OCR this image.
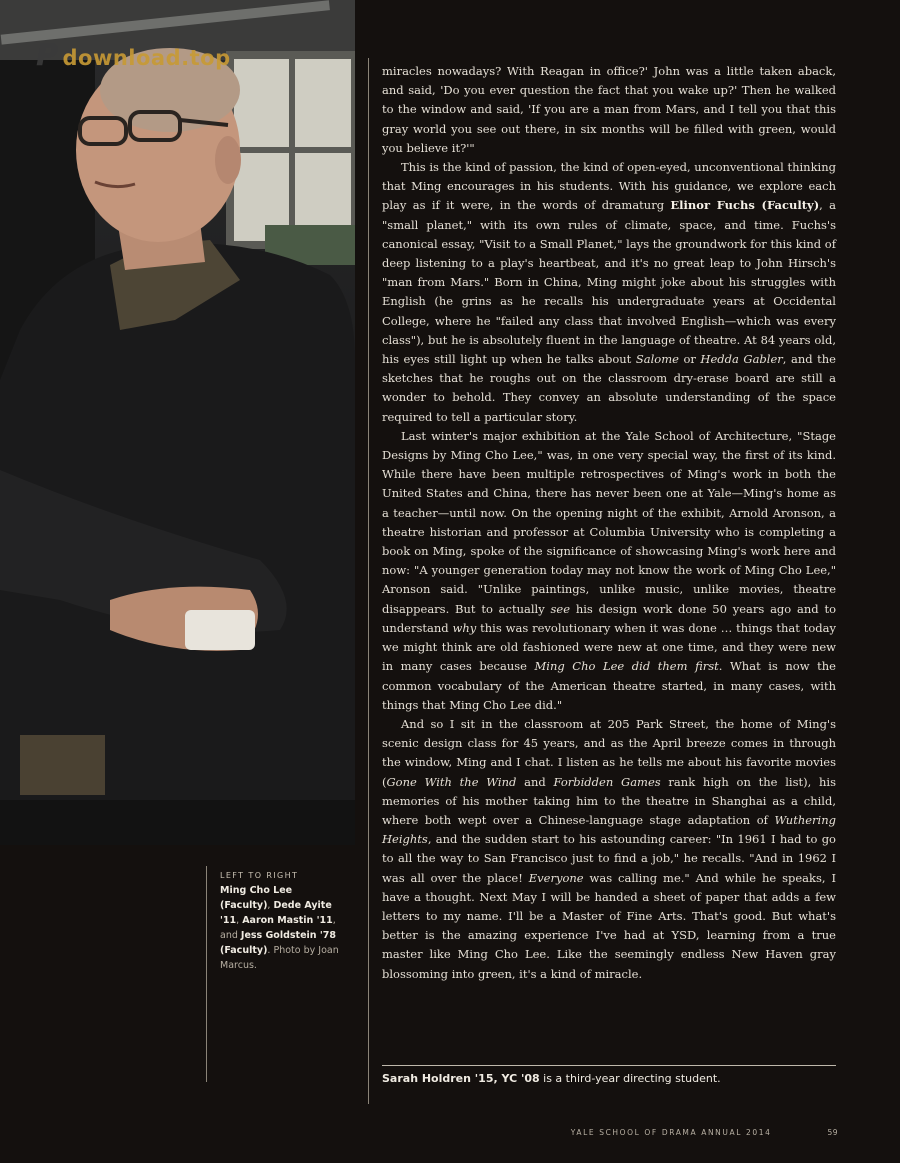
P download.top
LEFT TO RIGHT
Ming Cho Lee (Faculty), Dede Ayite '11, Aaron Mastin '11, and Jess Goldstein '78 (Faculty). Photo by Joan Marcus.

miracles nowadays? With Reagan in office?' John was a little taken aback, and said, 'Do you ever question the fact that you wake up?' Then he walked to the window and said, 'If you are a man from Mars, and I tell you that this gray world you see out there, in six months will be filled with green, would you believe it?'"

This is the kind of passion, the kind of open-eyed, unconventional thinking that Ming encourages in his students. With his guidance, we explore each play as if it were, in the words of dramaturg Elinor Fuchs (Faculty), a "small planet," with its own rules of climate, space, and time. Fuchs's canonical essay, "Visit to a Small Planet," lays the groundwork for this kind of deep listening to a play's heartbeat, and it's no great leap to John Hirsch's "man from Mars." Born in China, Ming might joke about his struggles with English (he grins as he recalls his undergraduate years at Occidental College, where he "failed any class that involved English—which was every class"), but he is absolutely fluent in the language of theatre. At 84 years old, his eyes still light up when he talks about Salome or Hedda Gabler, and the sketches that he roughs out on the classroom dry-erase board are still a wonder to behold. They convey an absolute understanding of the space required to tell a particular story.

Last winter's major exhibition at the Yale School of Architecture, "Stage Designs by Ming Cho Lee," was, in one very special way, the first of its kind. While there have been multiple retrospectives of Ming's work in both the United States and China, there has never been one at Yale—Ming's home as a teacher—until now. On the opening night of the exhibit, Arnold Aronson, a theatre historian and professor at Columbia University who is completing a book on Ming, spoke of the significance of showcasing Ming's work here and now: "A younger generation today may not know the work of Ming Cho Lee," Aronson said. "Unlike paintings, unlike music, unlike movies, theatre disappears. But to actually see his design work done 50 years ago and to understand why this was revolutionary when it was done … things that today we might think are old fashioned were new at one time, and they were new in many cases because Ming Cho Lee did them first. What is now the common vocabulary of the American theatre started, in many cases, with things that Ming Cho Lee did."

And so I sit in the classroom at 205 Park Street, the home of Ming's scenic design class for 45 years, and as the April breeze comes in through the window, Ming and I chat. I listen as he tells me about his favorite movies (Gone With the Wind and Forbidden Games rank high on the list), his memories of his mother taking him to the theatre in Shanghai as a child, where both wept over a Chinese-language stage adaptation of Wuthering Heights, and the sudden start to his astounding career: "In 1961 I had to go to all the way to San Francisco just to find a job," he recalls. "And in 1962 I was all over the place! Everyone was calling me." And while he speaks, I have a thought. Next May I will be handed a sheet of paper that adds a few letters to my name. I'll be a Master of Fine Arts. That's good. But what's better is the amazing experience I've had at YSD, learning from a true master like Ming Cho Lee. Like the seemingly endless New Haven gray blossoming into green, it's a kind of miracle.

Sarah Holdren '15, YC '08 is a third-year directing student.
YALE SCHOOL OF DRAMA ANNUAL 2014	59
